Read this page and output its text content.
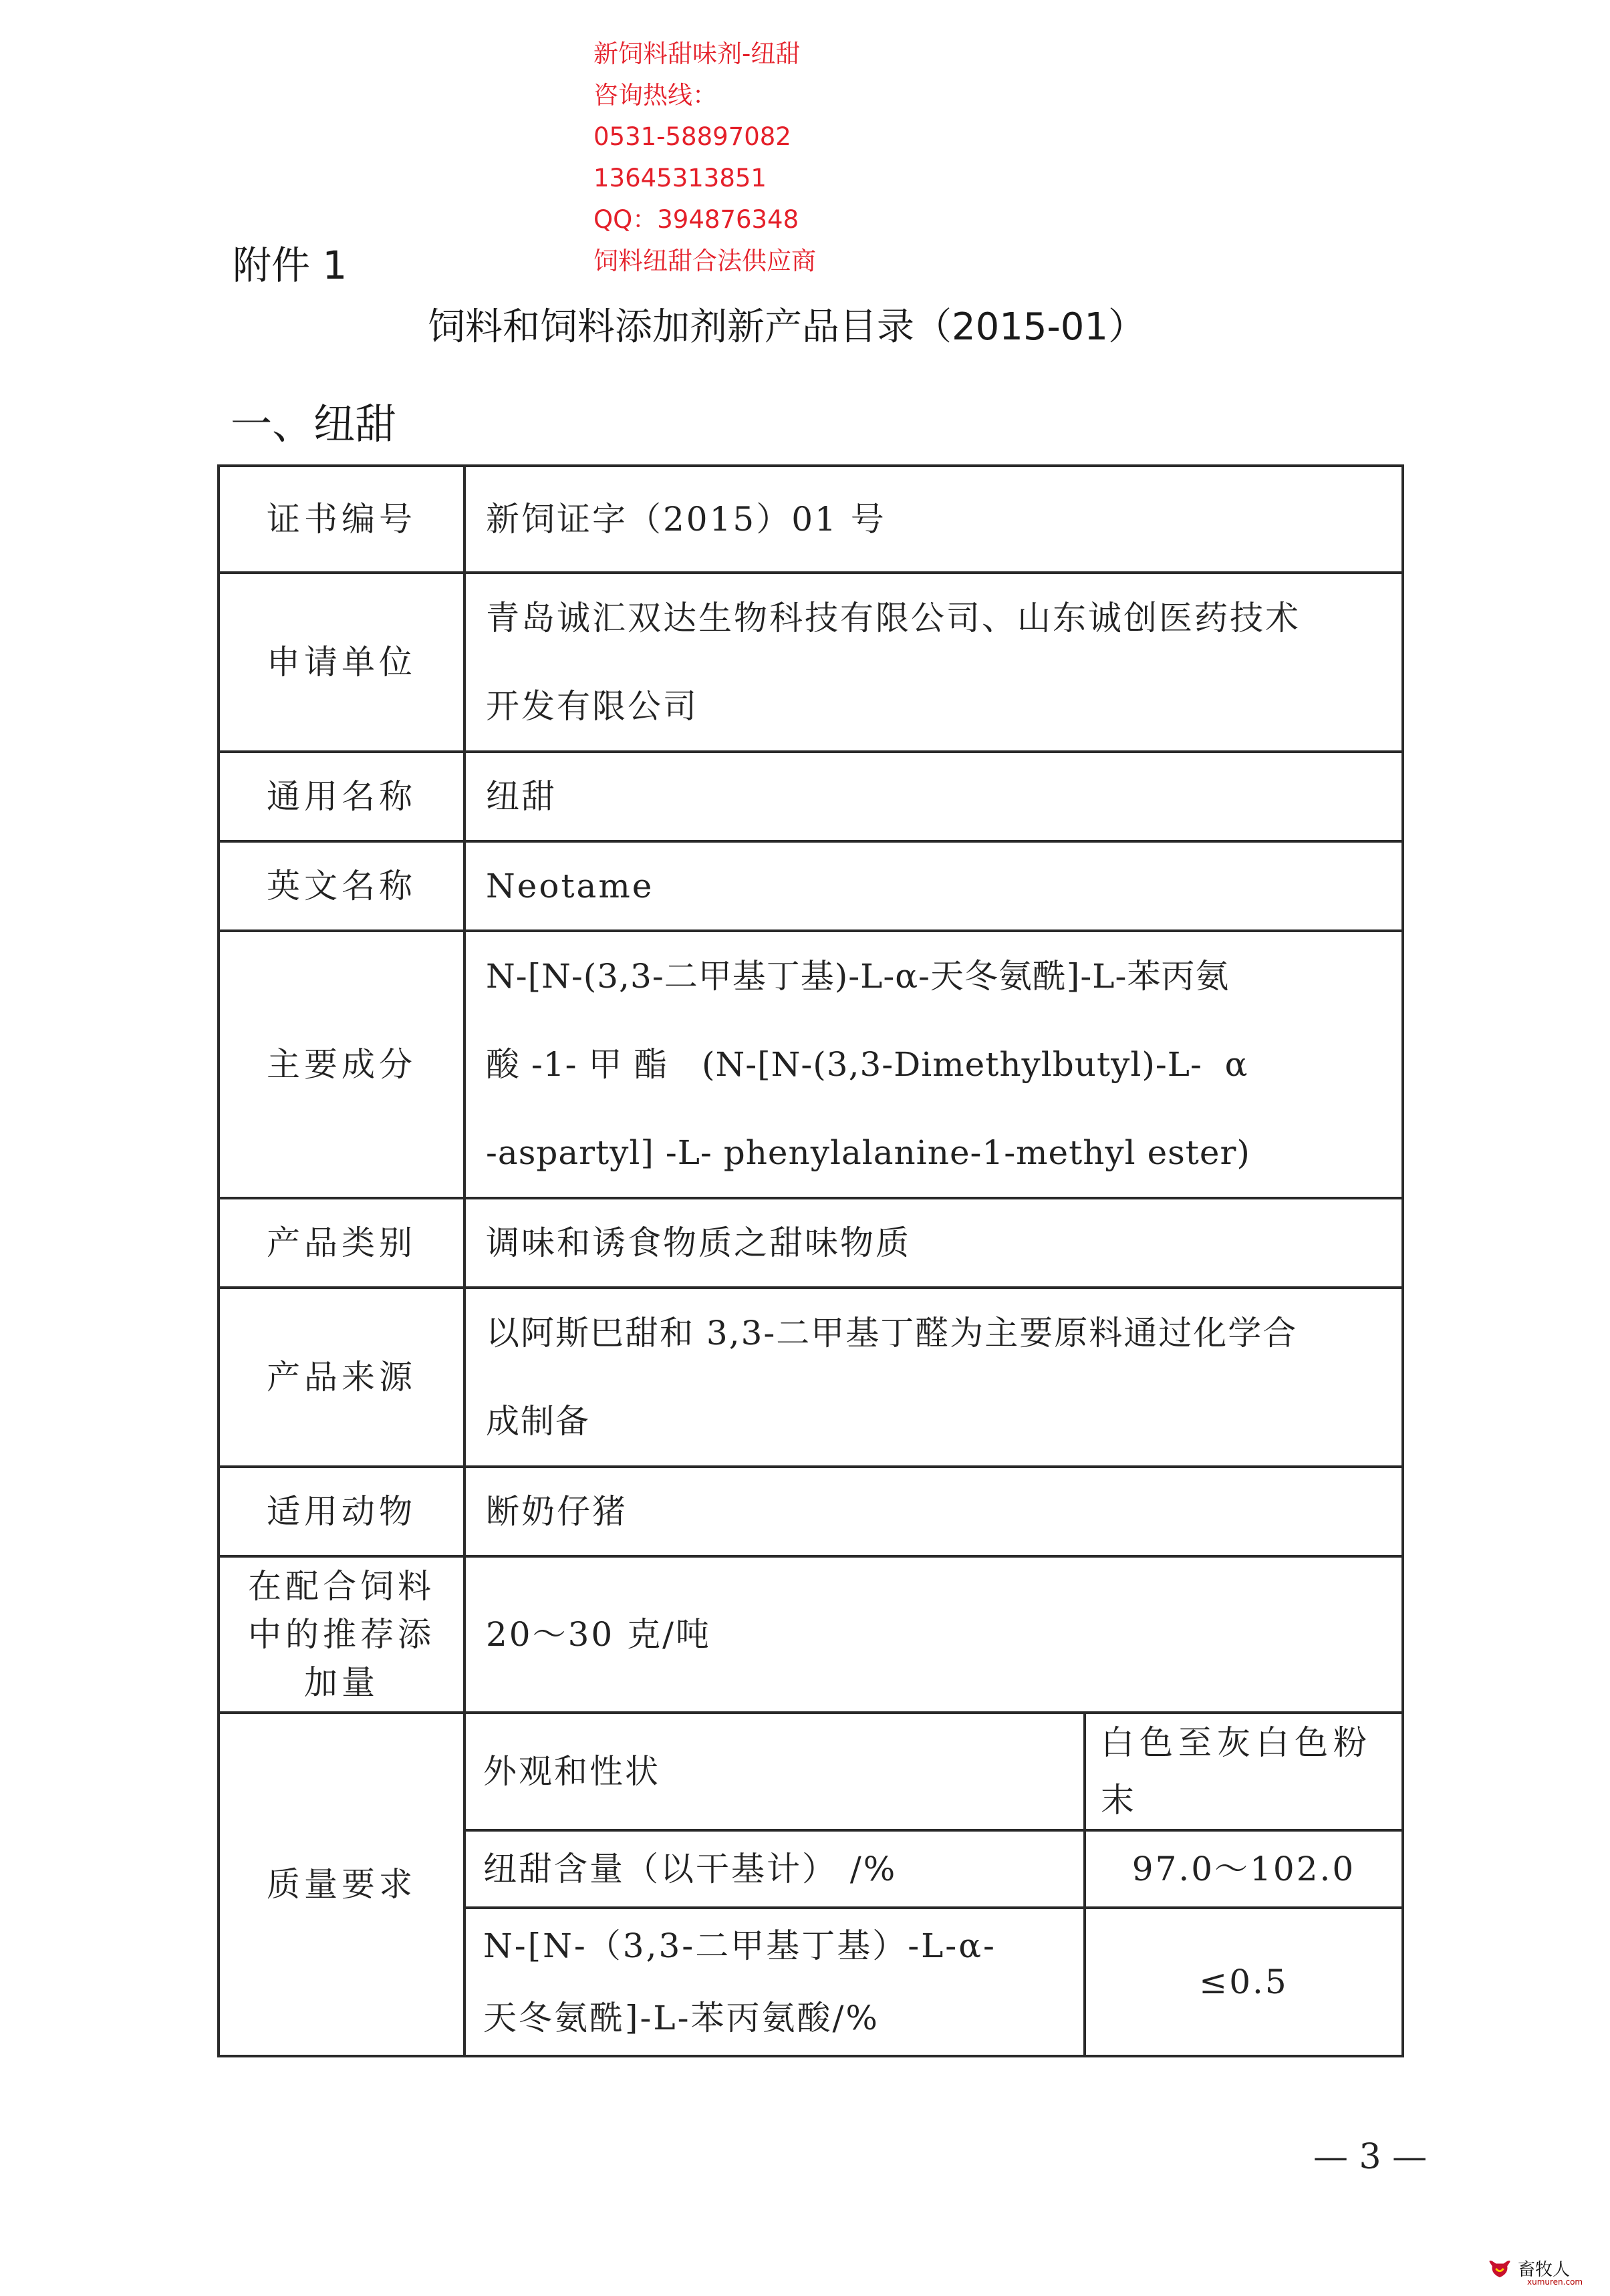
新饲料甜味剂-纽甜
咨询热线：
0531-58897082
13645313851
QQ：394876348
饲料纽甜合法供应商
附件 1
饲料和饲料添加剂新产品目录（2015-01）
一、纽甜
证书编号	新饲证字（2015）01 号	
申请单位	青岛诚汇双达生物科技有限公司、山东诚创医药技术
开发有限公司	

通用名称	纽甜	
英文名称	Neotame	
主要成分	N-[N-(3,3-二甲基丁基)-L-α-天冬氨酰]-L-苯丙氨
酸 -1- 甲 酯   (N-[N-(3,3-Dimethylbutyl)-L-  α
-aspartyl] -L- phenylalanine-1-methyl ester)	

产品类别	调味和诱食物质之甜味物质	
产品来源	以阿斯巴甜和 3,3-二甲基丁醛为主要原料通过化学合
成制备	

适用动物	断奶仔猪	

在配合饲料
中的推荐添
加量	20～30 克/吨	
质量要求	外观和性状	白色至灰白色粉
末

	纽甜含量（以干基计） /%	97.0～102.0

	N-[N-（3,3-二甲基丁基）-L-α-
天冬氨酰]-L-苯丙氨酸/%	≤0.5
— 3 —
畜牧人
xumuren.com
